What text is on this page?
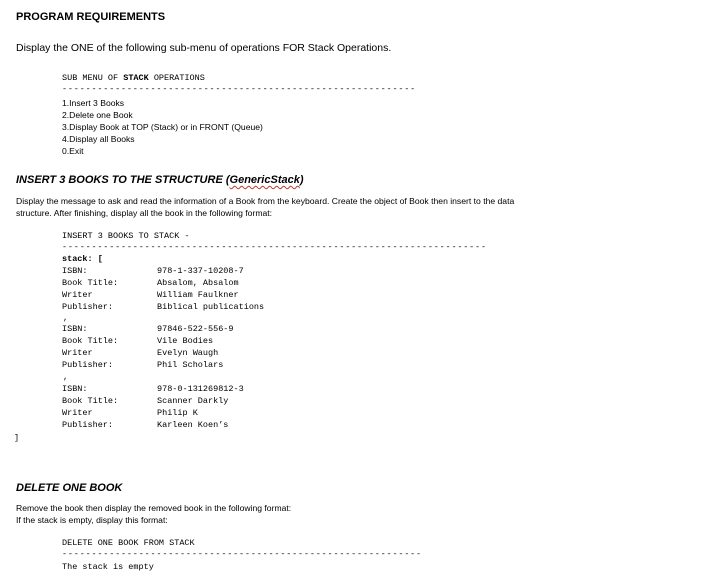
PROGRAM REQUIREMENTS
Display the ONE of the following sub-menu of operations FOR Stack Operations.
SUB MENU OF STACK OPERATIONS
------------------------------------------------------------
1.Insert 3 Books
2.Delete one Book
3.Display Book at TOP (Stack) or in FRONT (Queue)
4.Display all Books
0.Exit
INSERT 3 BOOKS TO THE STRUCTURE (GenericStack)
Display the message to ask and read the information of a Book from the keyboard. Create the object of Book then insert to the data
structure. After finishing, display all the book in the following format:
INSERT 3 BOOKS TO STACK -
------------------------------------------------------------------------
stack: [
ISBN:	978-1-337-10208-7
Book Title:	Absalom, Absalom
Writer	William Faulkner
Publisher:	Biblical publications
,
ISBN:	97846-522-556-9
Book Title:	Vile Bodies
Writer	Evelyn Waugh
Publisher:	Phil Scholars
,
ISBN:	978-0-131269812-3
Book Title:	Scanner Darkly
Writer	Philip K
Publisher:	Karleen Koen’s
]
DELETE ONE BOOK
Remove the book then display the removed book in the following format:
If the stack is empty, display this format:
DELETE ONE BOOK FROM STACK
-------------------------------------------------------------
The stack is empty
